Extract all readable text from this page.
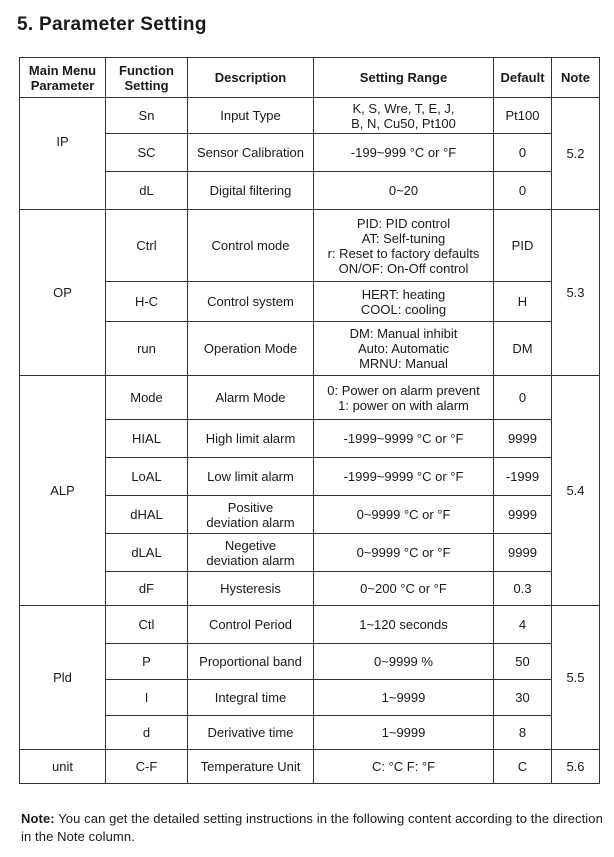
5. Parameter Setting
Main Menu
Parameter	Function
Setting	Description	Setting Range	Default	Note
IP	Sn	Input Type	K, S, Wre, T, E, J,
B, N, Cu50, Pt100	Pt100	5.2
	SC	Sensor Calibration	-199~999 °C or °F	0	
	dL	Digital filtering	0~20	0	
OP	Ctrl	Control mode	PID: PID control
AT: Self-tuning
r: Reset to factory defaults
ON/OF: On-Off control	PID	5.3
	H-C	Control system	HERT: heating
COOL: cooling	H	
	run	Operation Mode	DM: Manual inhibit
Auto: Automatic
MRNU: Manual	DM	
ALP	Mode	Alarm Mode	0: Power on alarm prevent
1: power on with alarm	0	5.4
	HIAL	High limit alarm	-1999~9999 °C or °F	9999	
	LoAL	Low limit alarm	-1999~9999 °C or °F	-1999	
	dHAL	Positive
deviation alarm	0~9999 °C or °F	9999	
	dLAL	Negetive
deviation alarm	0~9999 °C or °F	9999	
	dF	Hysteresis	0~200 °C or °F	0.3	
Pld	Ctl	Control Period	1~120 seconds	4	5.5
	P	Proportional band	0~9999 %	50	
	I	Integral time	1~9999	30	
	d	Derivative time	1~9999	8	
unit	C-F	Temperature Unit	C: °C F: °F	C	5.6
Note: You can get the detailed setting instructions in the following content according to the direction in the Note column.
